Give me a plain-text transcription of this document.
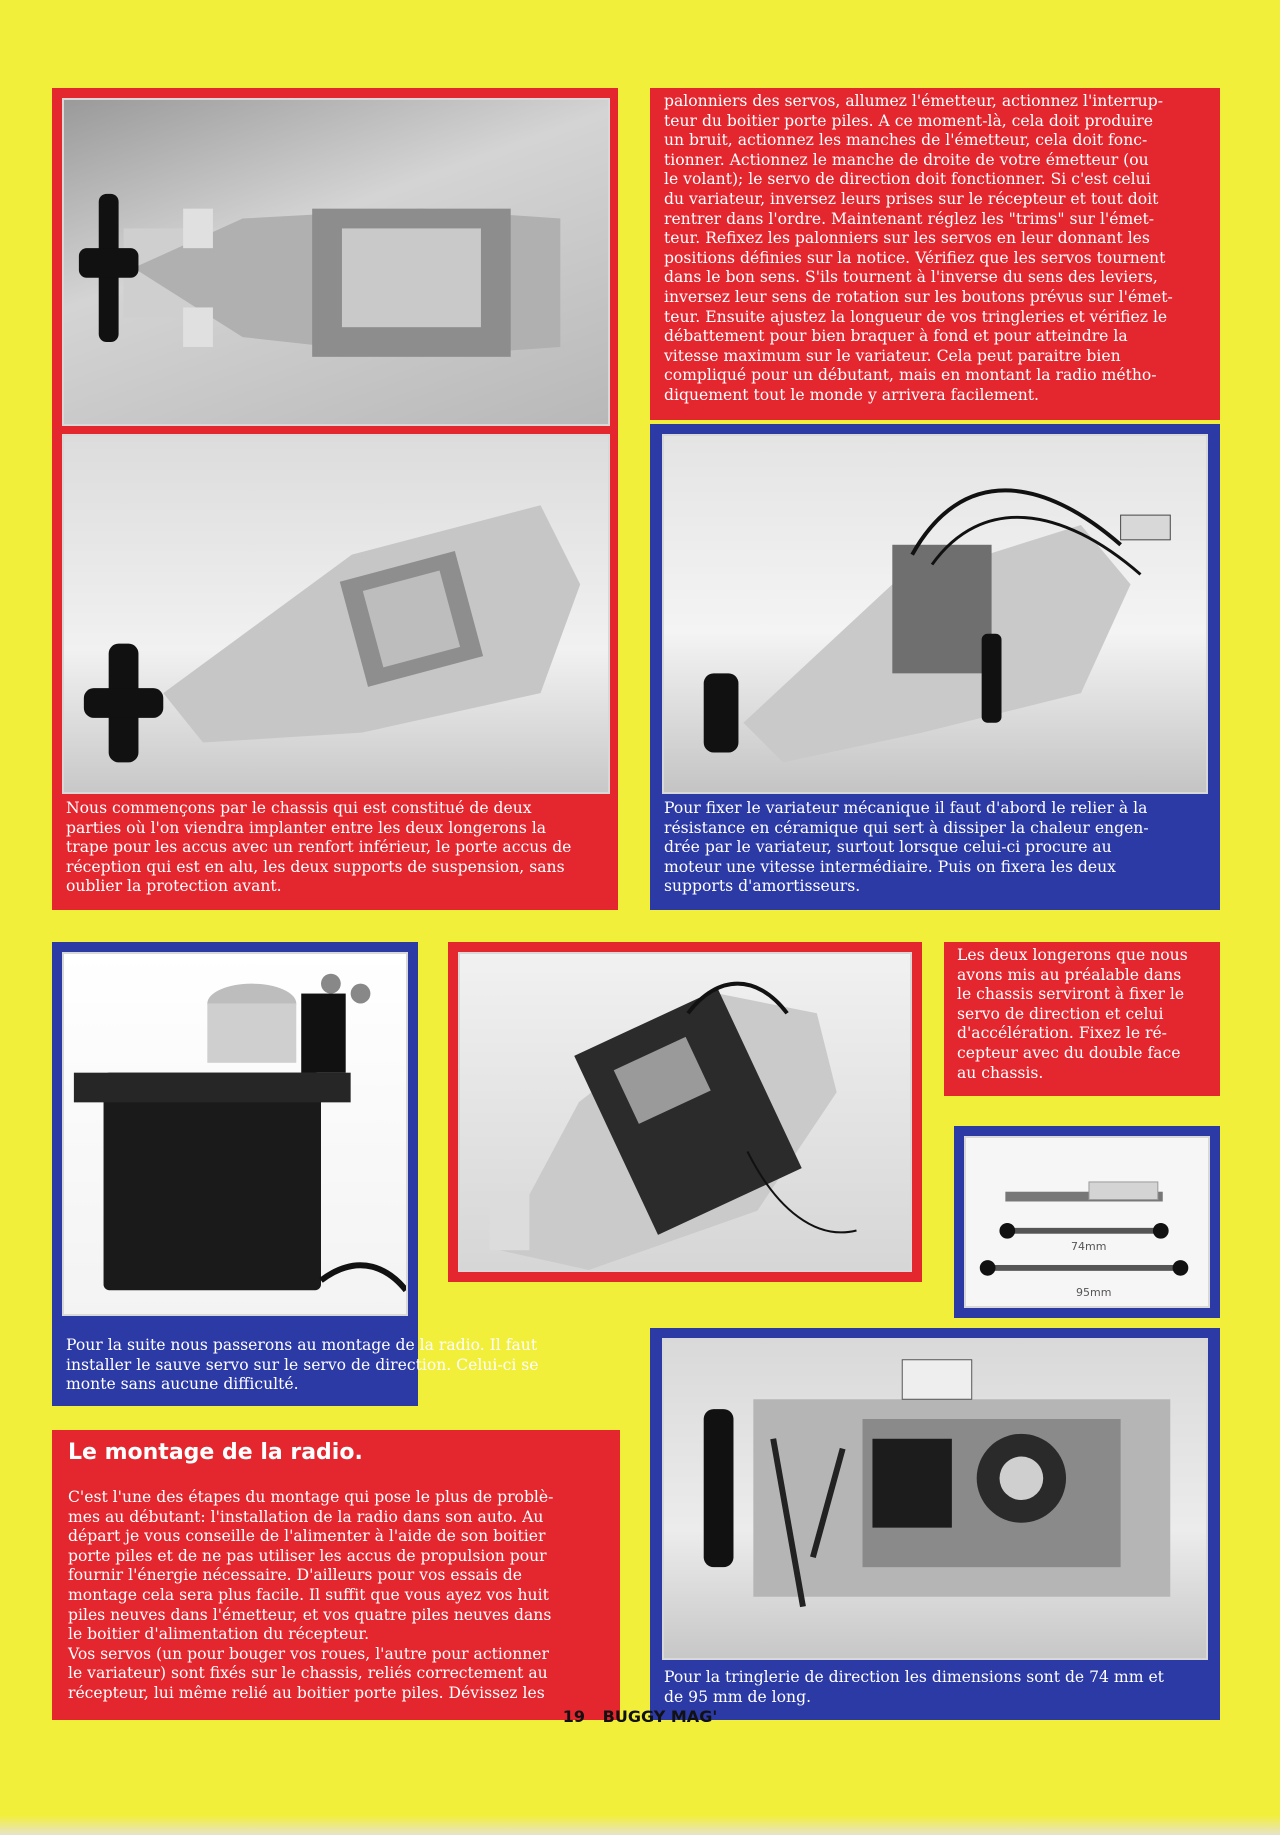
Nous commençons par le chassis qui est constitué de deux
parties où l'on viendra implanter entre les deux longerons la
trape pour les accus avec un renfort inférieur, le porte accus de
réception qui est en alu, les deux supports de suspension, sans
oublier la protection avant.

palonniers des servos, allumez l'émetteur, actionnez l'interrup-
teur du boitier porte piles. A ce moment-là, cela doit produire
un bruit, actionnez les manches de l'émetteur, cela doit fonc-
tionner. Actionnez le manche de droite de votre émetteur (ou
le volant); le servo de direction doit fonctionner. Si c'est celui
du variateur, inversez leurs prises sur le récepteur et tout doit
rentrer dans l'ordre. Maintenant réglez les "trims" sur l'émet-
teur. Refixez les palonniers sur les servos en leur donnant les
positions définies sur la notice. Vérifiez que les servos tournent
dans le bon sens. S'ils tournent à l'inverse du sens des leviers,
inversez leur sens de rotation sur les boutons prévus sur l'émet-
teur. Ensuite ajustez la longueur de vos tringleries et vérifiez le
débattement pour bien braquer à fond et pour atteindre la
vitesse maximum sur le variateur. Cela peut paraitre bien
compliqué pour un débutant, mais en montant la radio métho-
diquement tout le monde y arrivera facilement.

Pour fixer le variateur mécanique il faut d'abord le relier à la
résistance en céramique qui sert à dissiper la chaleur engen-
drée par le variateur, surtout lorsque celui-ci procure au
moteur une vitesse intermédiaire. Puis on fixera les deux
supports d'amortisseurs.

Pour la suite nous passerons au montage de la radio. Il faut
installer le sauve servo sur le servo de direction. Celui-ci se
monte sans aucune difficulté.

Les deux longerons que nous
avons mis au préalable dans
le chassis serviront à fixer le
servo de direction et celui
d'accélération. Fixez le ré-
cepteur avec du double face
au chassis.

74mm
95mm
Le montage de la radio.

C'est l'une des étapes du montage qui pose le plus de problè-
mes au débutant: l'installation de la radio dans son auto. Au
départ je vous conseille de l'alimenter à l'aide de son boitier
porte piles et de ne pas utiliser les accus de propulsion pour
fournir l'énergie nécessaire. D'ailleurs pour vos essais de
montage cela sera plus facile. Il suffit que vous ayez vos huit
piles neuves dans l'émetteur, et vos quatre piles neuves dans
le boitier d'alimentation du récepteur.
Vos servos (un pour bouger vos roues, l'autre pour actionner
le variateur) sont fixés sur le chassis, reliés correctement au
récepteur, lui même relié au boitier porte piles. Dévissez les

Pour la tringlerie de direction les dimensions sont de 74 mm et
de 95 mm de long.

19 BUGGY MAG'
